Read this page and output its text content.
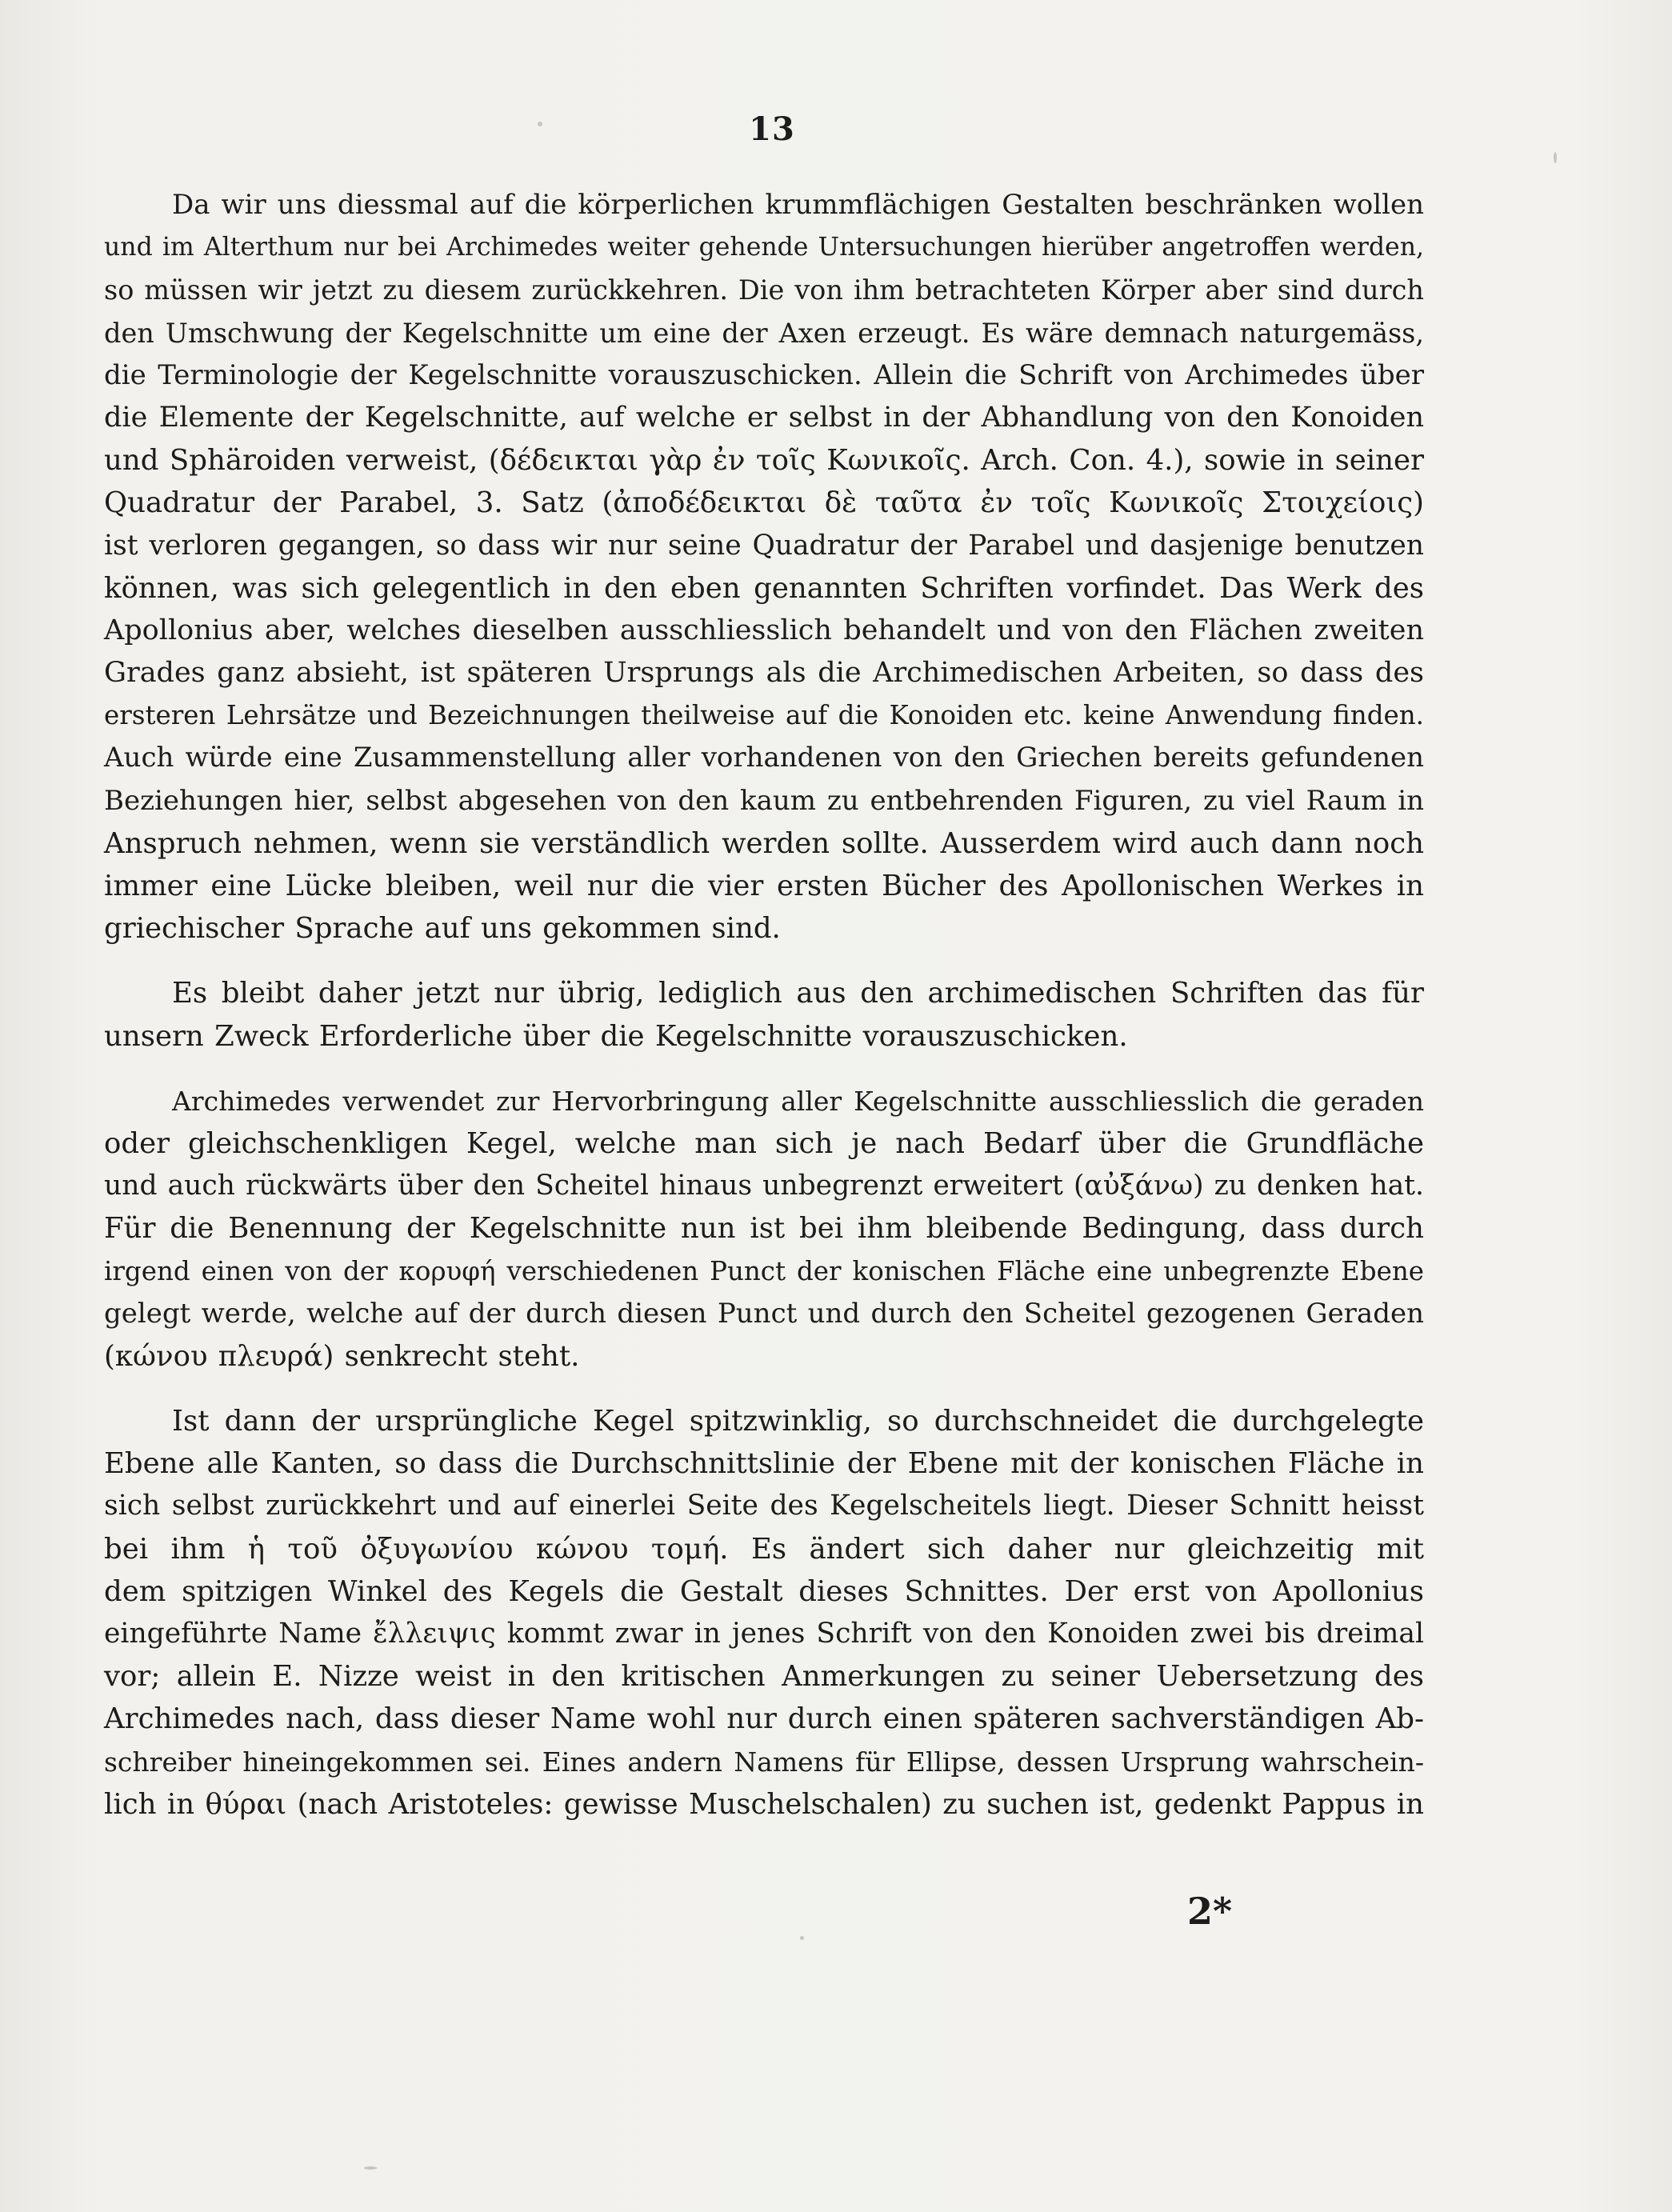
13
Da wir uns diessmal auf die körperlichen krummflächigen Gestalten beschränken wollen
und im Alterthum nur bei Archimedes weiter gehende Untersuchungen hierüber angetroffen werden,
so müssen wir jetzt zu diesem zurückkehren. Die von ihm betrachteten Körper aber sind durch
den Umschwung der Kegelschnitte um eine der Axen erzeugt. Es wäre demnach naturgemäss,
die Terminologie der Kegelschnitte vorauszuschicken. Allein die Schrift von Archimedes über
die Elemente der Kegelschnitte, auf welche er selbst in der Abhandlung von den Konoiden
und Sphäroiden verweist, (δέδεικται γὰρ ἐν τοῖς Κωνικοῖς. Arch. Con. 4.), sowie in seiner
Quadratur der Parabel, 3. Satz (ἀποδέδεικται δὲ ταῦτα ἐν τοῖς Κωνικοῖς Στοιχείοις)
ist verloren gegangen, so dass wir nur seine Quadratur der Parabel und dasjenige benutzen
können, was sich gelegentlich in den eben genannten Schriften vorfindet. Das Werk des
Apollonius aber, welches dieselben ausschliesslich behandelt und von den Flächen zweiten
Grades ganz absieht, ist späteren Ursprungs als die Archimedischen Arbeiten, so dass des
ersteren Lehrsätze und Bezeichnungen theilweise auf die Konoiden etc. keine Anwendung finden.
Auch würde eine Zusammenstellung aller vorhandenen von den Griechen bereits gefundenen
Beziehungen hier, selbst abgesehen von den kaum zu entbehrenden Figuren, zu viel Raum in
Anspruch nehmen, wenn sie verständlich werden sollte. Ausserdem wird auch dann noch
immer eine Lücke bleiben, weil nur die vier ersten Bücher des Apollonischen Werkes in
griechischer Sprache auf uns gekommen sind.
Es bleibt daher jetzt nur übrig, lediglich aus den archimedischen Schriften das für
unsern Zweck Erforderliche über die Kegelschnitte vorauszuschicken.
Archimedes verwendet zur Hervorbringung aller Kegelschnitte ausschliesslich die geraden
oder gleichschenkligen Kegel, welche man sich je nach Bedarf über die Grundfläche
und auch rückwärts über den Scheitel hinaus unbegrenzt erweitert (αὐξάνω) zu denken hat.
Für die Benennung der Kegelschnitte nun ist bei ihm bleibende Bedingung, dass durch
irgend einen von der κορυφή verschiedenen Punct der konischen Fläche eine unbegrenzte Ebene
gelegt werde, welche auf der durch diesen Punct und durch den Scheitel gezogenen Geraden
(κώνου πλευρά) senkrecht steht.
Ist dann der ursprüngliche Kegel spitzwinklig, so durchschneidet die durchgelegte
Ebene alle Kanten, so dass die Durchschnittslinie der Ebene mit der konischen Fläche in
sich selbst zurückkehrt und auf einerlei Seite des Kegelscheitels liegt. Dieser Schnitt heisst
bei ihm ἡ τοῦ ὀξυγωνίου κώνου τομή. Es ändert sich daher nur gleichzeitig mit
dem spitzigen Winkel des Kegels die Gestalt dieses Schnittes. Der erst von Apollonius
eingeführte Name ἔλλειψις kommt zwar in jenes Schrift von den Konoiden zwei bis dreimal
vor; allein E. Nizze weist in den kritischen Anmerkungen zu seiner Uebersetzung des
Archimedes nach, dass dieser Name wohl nur durch einen späteren sachverständigen Ab-
schreiber hineingekommen sei. Eines andern Namens für Ellipse, dessen Ursprung wahrschein-
lich in θύραι (nach Aristoteles: gewisse Muschelschalen) zu suchen ist, gedenkt Pappus in
2*
